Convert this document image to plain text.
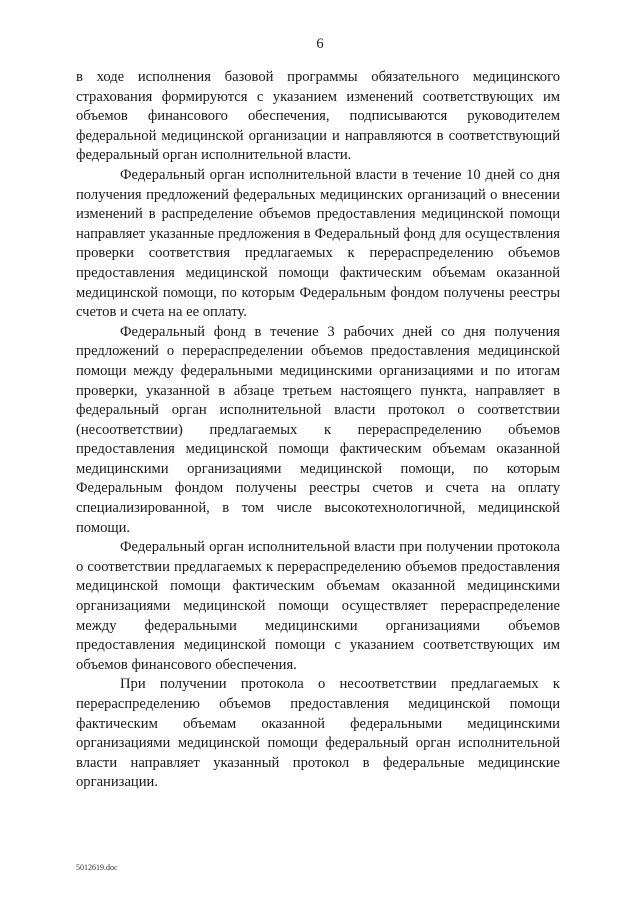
6

в ходе исполнения базовой программы обязательного медицинского страхования формируются с указанием изменений соответствующих им объемов финансового обеспечения, подписываются руководителем федеральной медицинской организации и направляются в соответствующий федеральный орган исполнительной власти.

Федеральный орган исполнительной власти в течение 10 дней со дня получения предложений федеральных медицинских организаций о внесении изменений в распределение объемов предоставления медицинской помощи направляет указанные предложения в Федеральный фонд для осуществления проверки соответствия предлагаемых к перераспределению объемов предоставления медицинской помощи фактическим объемам оказанной медицинской помощи, по которым Федеральным фондом получены реестры счетов и счета на ее оплату.

Федеральный фонд в течение 3 рабочих дней со дня получения предложений о перераспределении объемов предоставления медицинской помощи между федеральными медицинскими организациями и по итогам проверки, указанной в абзаце третьем настоящего пункта, направляет в федеральный орган исполнительной власти протокол о соответствии (несоответствии) предлагаемых к перераспределению объемов предоставления медицинской помощи фактическим объемам оказанной медицинскими организациями медицинской помощи, по которым Федеральным фондом получены реестры счетов и счета на оплату специализированной, в том числе высокотехнологичной, медицинской помощи.

Федеральный орган исполнительной власти при получении протокола о соответствии предлагаемых к перераспределению объемов предоставления медицинской помощи фактическим объемам оказанной медицинскими организациями медицинской помощи осуществляет перераспределение между федеральными медицинскими организациями объемов предоставления медицинской помощи с указанием соответствующих им объемов финансового обеспечения.

При получении протокола о несоответствии предлагаемых к перераспределению объемов предоставления медицинской помощи фактическим объемам оказанной федеральными медицинскими организациями медицинской помощи федеральный орган исполнительной власти направляет указанный протокол в федеральные медицинские организации.

5012619.doc
